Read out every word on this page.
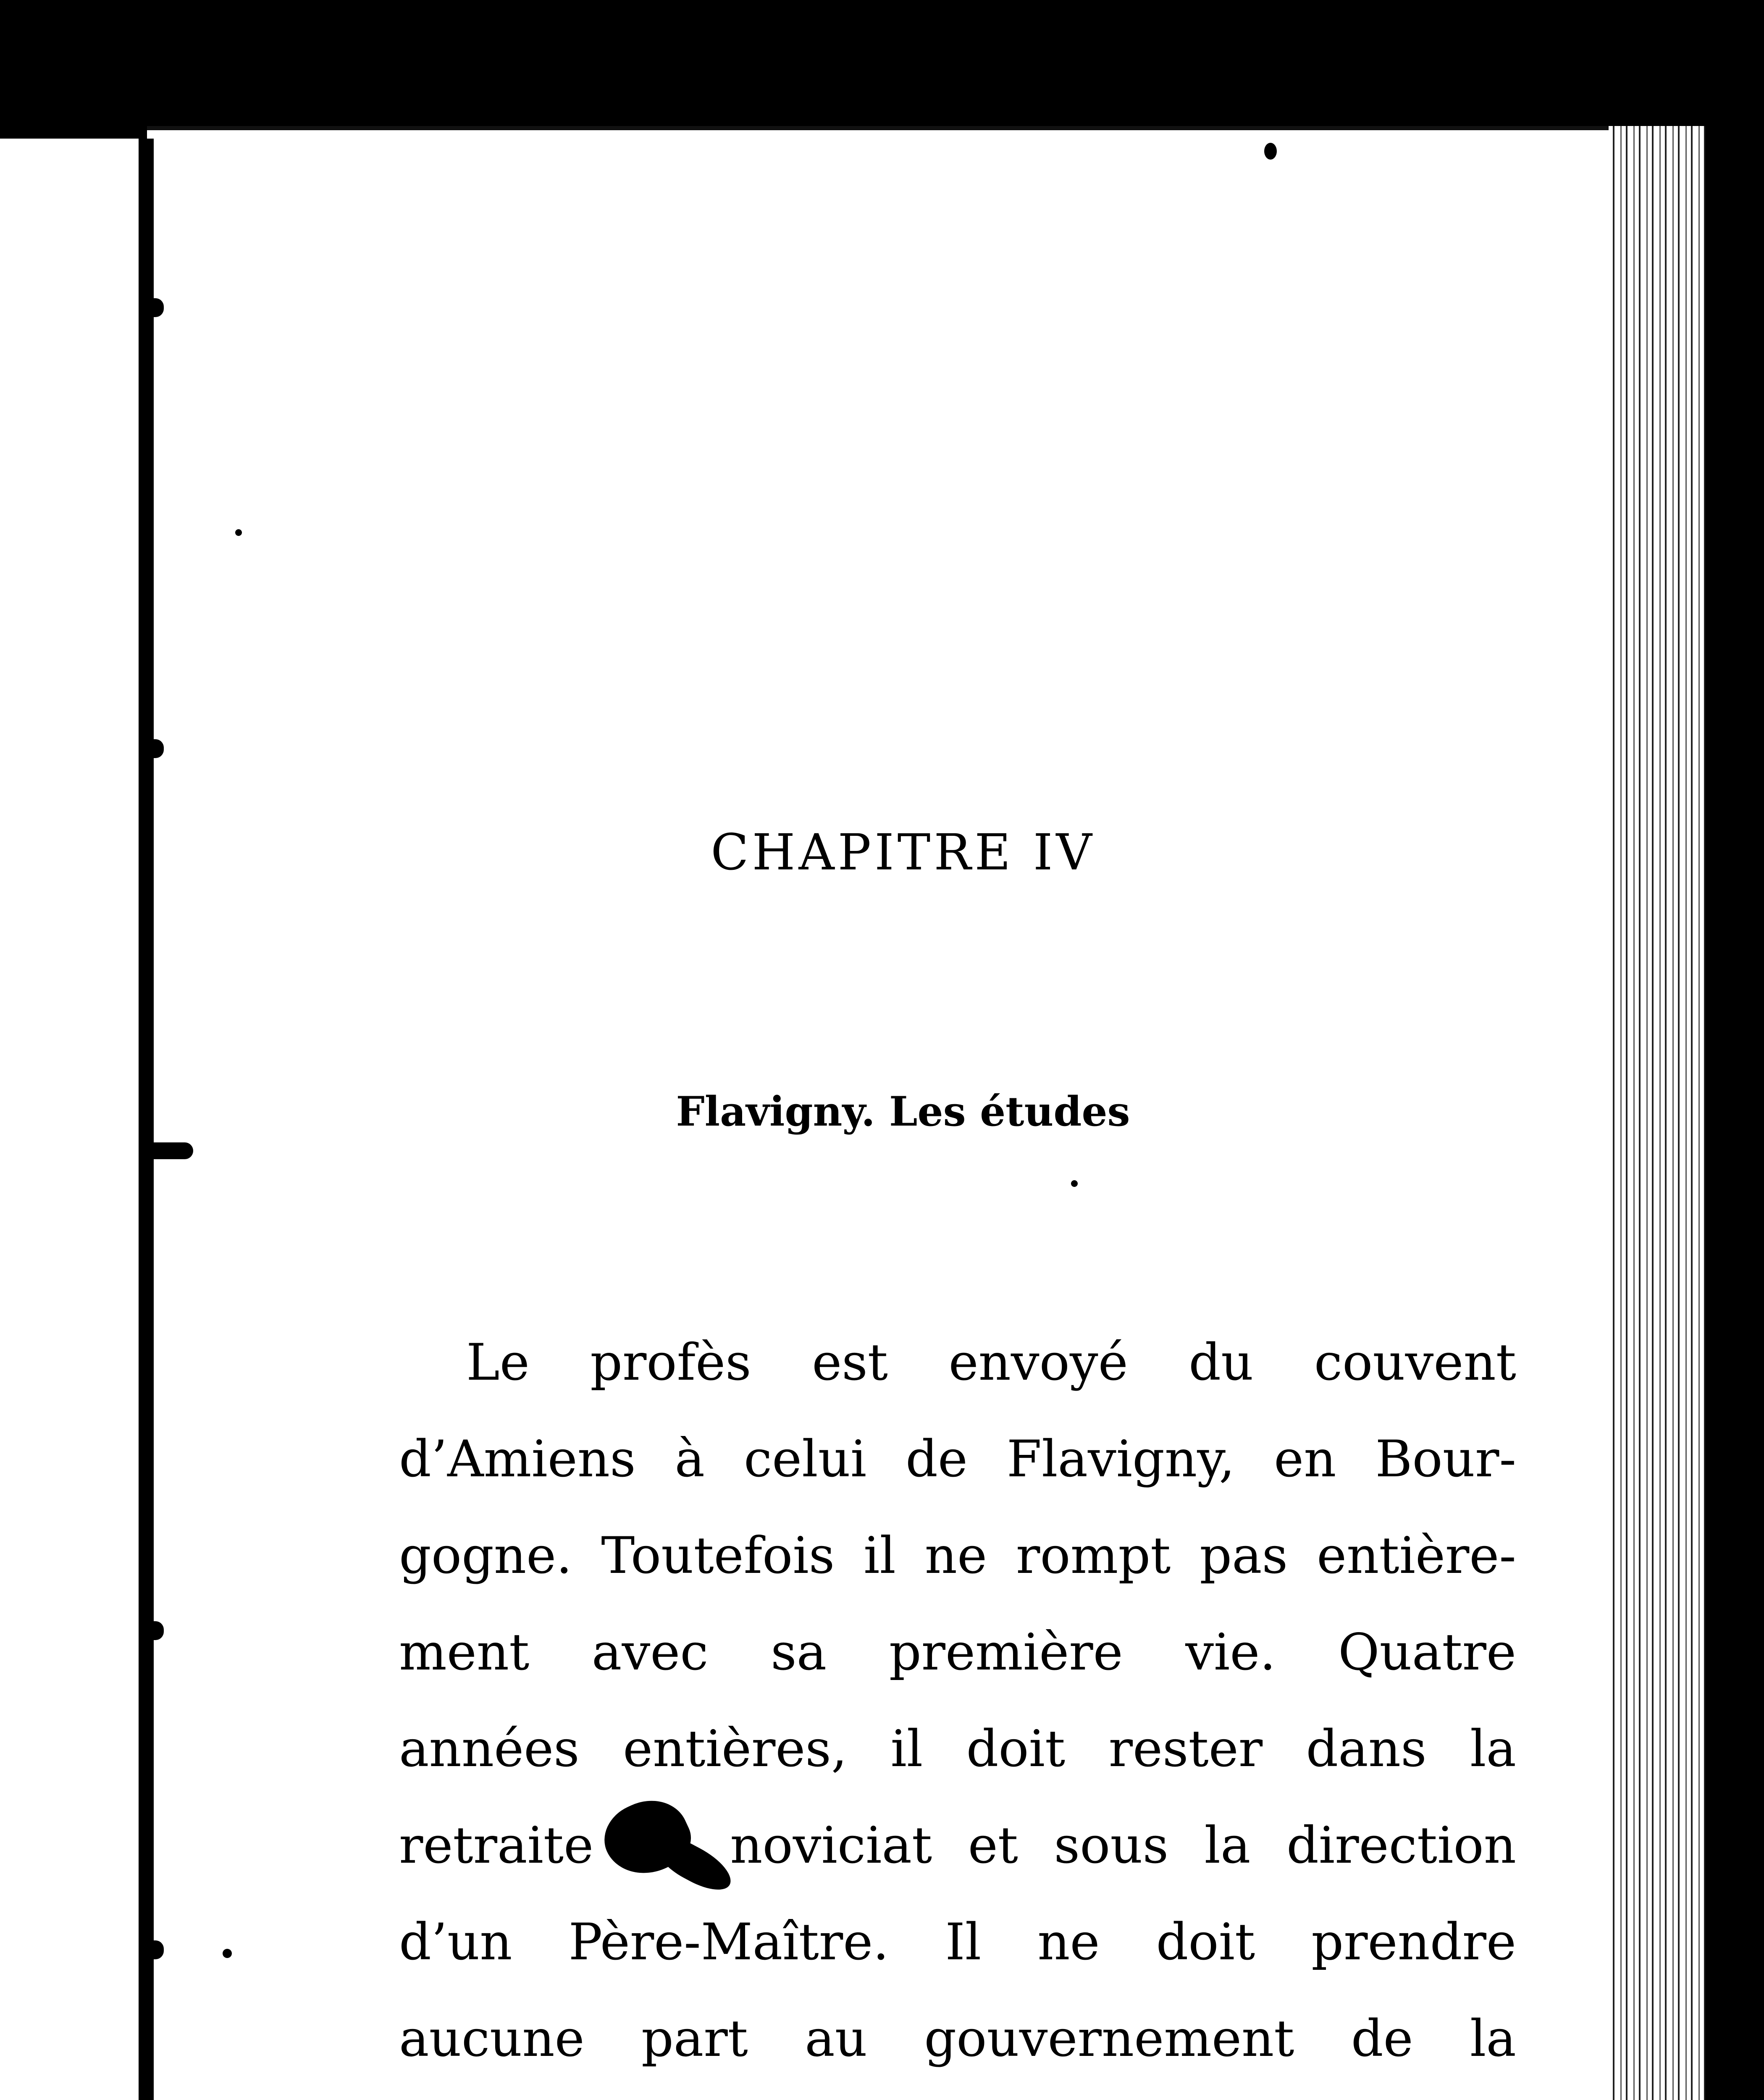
CHAPITRE IV
Flavigny. Les études
Le profès est envoyé du couvent
d’Amiens à celui de Flavigny, en Bour-
gogne. Toutefois il ne rompt pas entière-
ment avec sa première vie. Quatre
années entières, il doit rester dans la
retraite du noviciat et sous la direction
d’un Père-Maître. Il ne doit prendre
aucune part au gouvernement de la
